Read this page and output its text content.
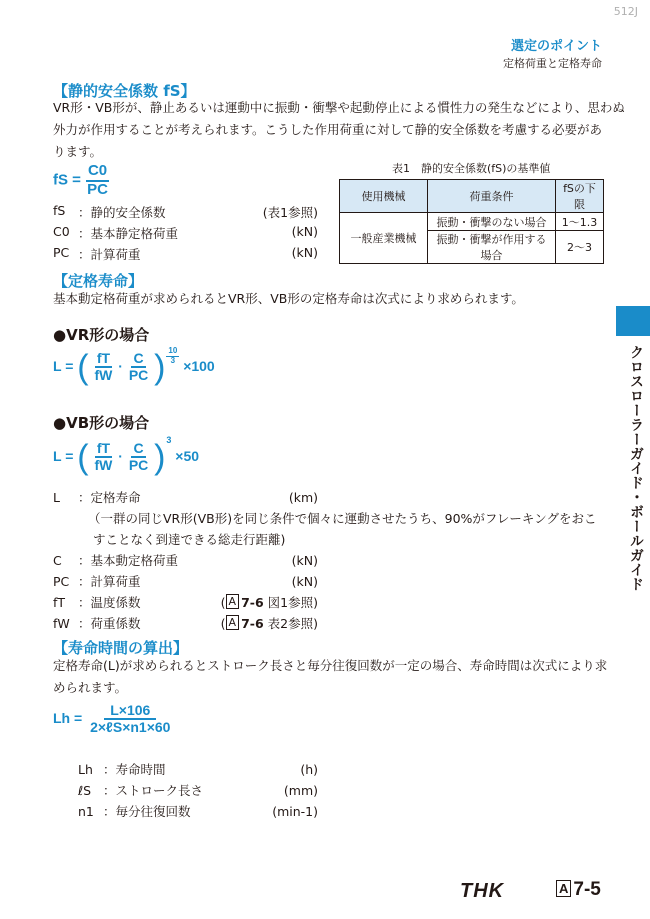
512J
選定のポイント
定格荷重と定格寿命
クロスローラーガイド・ボールガイド
【静的安全係数 fS】
VR形・VB形が、静止あるいは運動中に振動・衝撃や起動停止による慣性力の発生などにより、思わぬ
外力が作用することが考えられます。こうした作用荷重に対して静的安全係数を考慮する必要があ
ります。
fS = $\frac{C0}{PC}$
fS ：静的安全係数	(表1参照)
C0 ：基本静定格荷重	(kN)
PC ：計算荷重	(kN)
表1　静的安全係数(fS)の基準値
使用機械	荷重条件	fSの下限
一般産業機械	振動・衝撃のない場合	1〜1.3
	振動・衝撃が作用する場合	2〜3
【定格寿命】
基本動定格荷重が求められるとVR形、VB形の定格寿命は次式により求められます。
●VR形の場合
L = ( $\frac{fT}{fW} \cdot \frac{C}{PC}$ ) $\frac{10}{3}$
×100
●VB形の場合
L = ( $\frac{fT}{fW} \cdot \frac{C}{PC}$ ) $^3$ ×50
L ：定格寿命	(km)
（一群の同じVR形(VB形)を同じ条件で個々に運動させたうち、90%がフレーキングをおこ
すことなく到達できる総走行距離)
C ：基本動定格荷重	(kN)
PC ：計算荷重	(kN)
fT ：温度係数	( A 7-6 図1参照)
fW ：荷重係数	( A 7-6 表2参照)
【寿命時間の算出】
定格寿命(L)が求められるとストローク長さと毎分往復回数が一定の場合、寿命時間は次式により求
められます。
$Lh = \frac{L\times 106}{\text{2×ℓS×n1×60}}$
Lh ：寿命時間	(h)
ℓS ：ストローク長さ	(mm)
n1 ：毎分往復回数	(min-1)
THK	A 7-5
